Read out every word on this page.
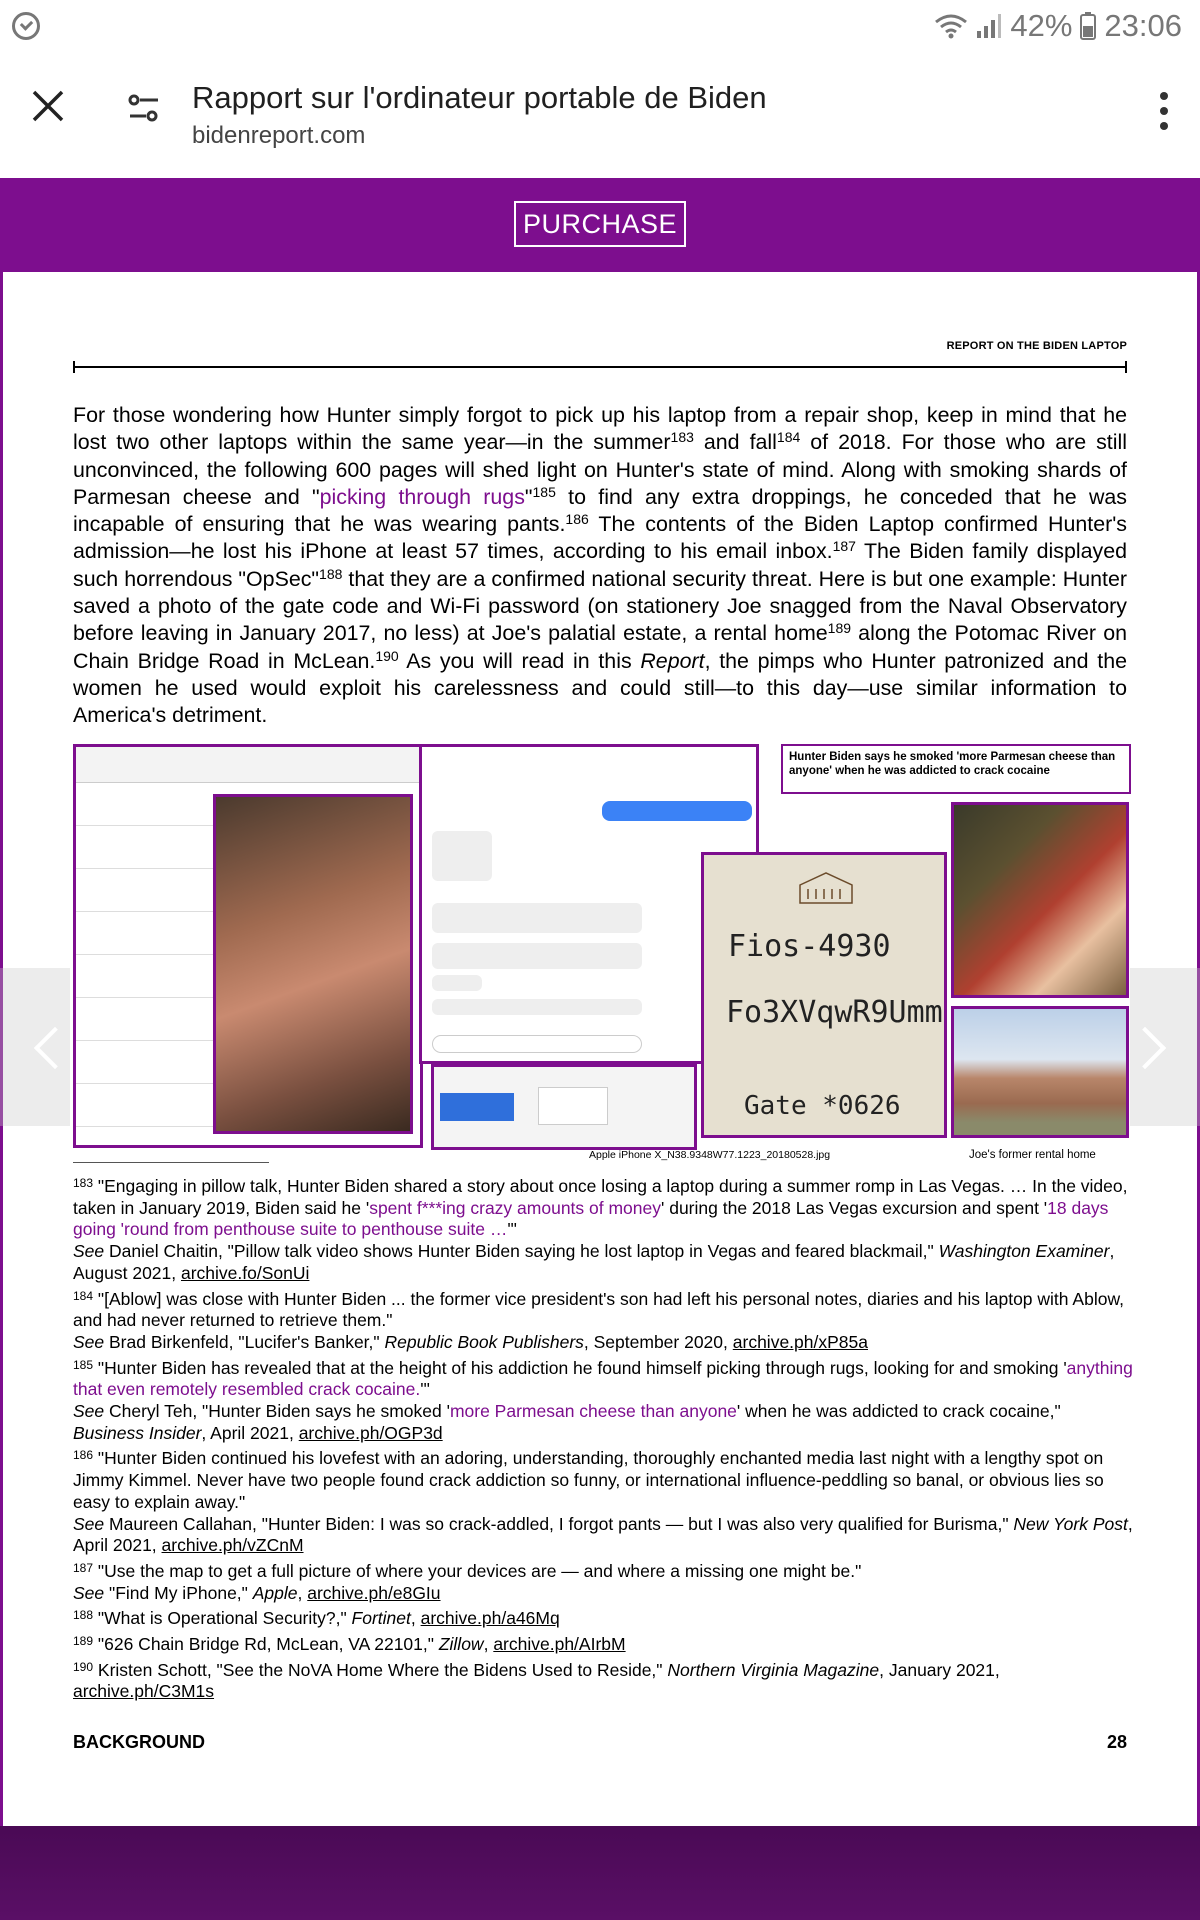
42% 23:06
Rapport sur l'ordinateur portable de Biden
bidenreport.com
PURCHASE
REPORT ON THE BIDEN LAPTOP
For those wondering how Hunter simply forgot to pick up his laptop from a repair shop, keep in mind that he lost two other laptops within the same year—in the summer$^{183}$ and fall$^{184}$ of 2018. For those who are still unconvinced, the following 600 pages will shed light on Hunter's state of mind. Along with smoking shards of Parmesan cheese and "picking through rugs"$^{185}$ to find any extra droppings, he conceded that he was incapable of ensuring that he was wearing pants.$^{186}$ The contents of the Biden Laptop confirmed Hunter's admission—he lost his iPhone at least 57 times, according to his email inbox.$^{187}$ The Biden family displayed such horrendous "OpSec"$^{188}$ that they are a confirmed national security threat. Here is but one example: Hunter saved a photo of the gate code and Wi-Fi password (on stationery Joe snagged from the Naval Observatory before leaving in January 2017, no less) at Joe's palatial estate, a rental home$^{189}$ along the Potomac River on Chain Bridge Road in McLean.$^{190}$ As you will read in this Report, the pimps who Hunter patronized and the women he used would exploit his carelessness and could still—to this day—use similar information to America's detriment.
Hunter Biden says he smoked 'more Parmesan cheese than anyone' when he was addicted to crack cocaine
Fios-4930
Fo3XVqwR9Umm
Gate *0626
Apple iPhone X_N38.9348W77.1223_20180528.jpg	Joe's former rental home
$^{183}$ "Engaging in pillow talk, Hunter Biden shared a story about once losing a laptop during a summer romp in Las Vegas. … In the video, taken in January 2019, Biden said he 'spent f***ing crazy amounts of money' during the 2018 Las Vegas excursion and spent '18 days going 'round from penthouse suite to penthouse suite …'"
See Daniel Chaitin, "Pillow talk video shows Hunter Biden saying he lost laptop in Vegas and feared blackmail," Washington Examiner, August 2021, archive.fo/SonUi
$^{184}$ "[Ablow] was close with Hunter Biden ... the former vice president's son had left his personal notes, diaries and his laptop with Ablow, and had never returned to retrieve them."
See Brad Birkenfeld, "Lucifer's Banker," Republic Book Publishers, September 2020, archive.ph/xP85a
$^{185}$ "Hunter Biden has revealed that at the height of his addiction he found himself picking through rugs, looking for and smoking 'anything that even remotely resembled crack cocaine.'"
See Cheryl Teh, "Hunter Biden says he smoked 'more Parmesan cheese than anyone' when he was addicted to crack cocaine," Business Insider, April 2021, archive.ph/OGP3d
$^{186}$ "Hunter Biden continued his lovefest with an adoring, understanding, thoroughly enchanted media last night with a lengthy spot on Jimmy Kimmel. Never have two people found crack addiction so funny, or international influence-peddling so banal, or obvious lies so easy to explain away."
See Maureen Callahan, "Hunter Biden: I was so crack-addled, I forgot pants — but I was also very qualified for Burisma," New York Post, April 2021, archive.ph/vZCnM
$^{187}$ "Use the map to get a full picture of where your devices are — and where a missing one might be."
See "Find My iPhone," Apple, archive.ph/e8GIu
$^{188}$ "What is Operational Security?," Fortinet, archive.ph/a46Mq
$^{189}$ "626 Chain Bridge Rd, McLean, VA 22101," Zillow, archive.ph/AIrbM
$^{190}$ Kristen Schott, "See the NoVA Home Where the Bidens Used to Reside," Northern Virginia Magazine, January 2021, archive.ph/C3M1s
BACKGROUND	28
